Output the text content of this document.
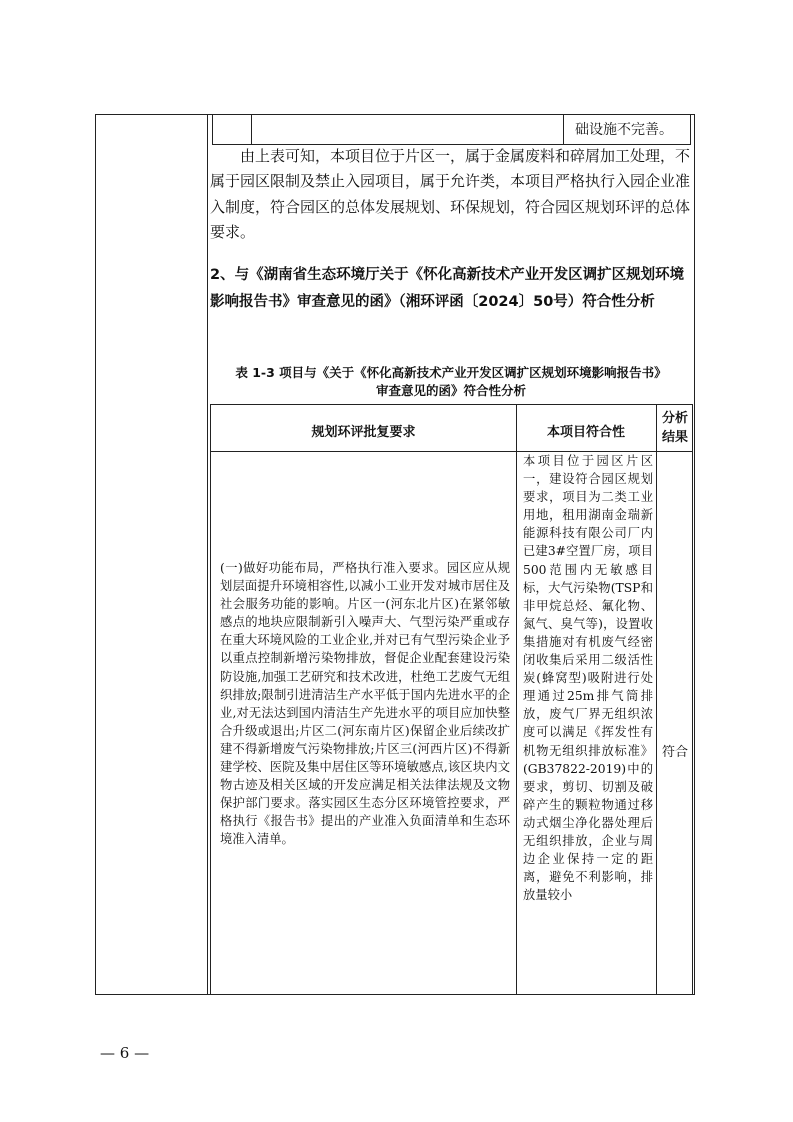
础设施不完善。
由上表可知，本项目位于片区一，属于金属废料和碎屑加工处理，不属于园区限制及禁止入园项目，属于允许类，本项目严格执行入园企业准入制度，符合园区的总体发展规划、环保规划，符合园区规划环评的总体要求。
2、与《湖南省生态环境厅关于《怀化高新技术产业开发区调扩区规划环境影响报告书》审查意见的函》（湘环评函〔2024〕50号）符合性分析
表 1-3 项目与《关于《怀化高新技术产业开发区调扩区规划环境影响报告书》
审查意见的函》符合性分析
规划环评批复要求	本项目符合性
分析结果
(一)做好功能布局，严格执行准入要求。园区应从规划层面提升环境相容性,以减小工业开发对城市居住及社会服务功能的影响。片区一(河东北片区)在紧邻敏感点的地块应限制新引入噪声大、气型污染严重或存在重大环境风险的工业企业,并对已有气型污染企业予以重点控制新增污染物排放，督促企业配套建设污染防设施,加强工艺研究和技术改进，杜绝工艺废气无组织排放;限制引进清洁生产水平低于国内先进水平的企业,对无法达到国内清洁生产先进水平的项目应加快整合升级或退出;片区二(河东南片区)保留企业后续改扩建不得新增废气污染物排放;片区三(河西片区)不得新建学校、医院及集中居住区等环境敏感点,该区块内文物古迹及相关区域的开发应满足相关法律法规及文物保护部门要求。落实园区生态分区环境管控要求，严格执行《报告书》提出的产业准入负面清单和生态环境准入清单。
本项目位于园区片区一，建设符合园区规划要求，项目为二类工业用地，租用湖南金瑞新能源科技有限公司厂内已建3#空置厂房，项目500范围内无敏感目标，大气污染物(TSP和非甲烷总烃、氟化物、氮气、臭气等)，设置收集措施对有机废气经密闭收集后采用二级活性炭(蜂窝型)吸附进行处理通过25m排气筒排放，废气厂界无组织浓度可以满足《挥发性有机物无组织排放标准》(GB37822-2019)中的要求，剪切、切割及破碎产生的颗粒物通过移动式烟尘净化器处理后无组织排放，企业与周边企业保持一定的距离，避免不利影响，排放量较小
符合
— 6 —
